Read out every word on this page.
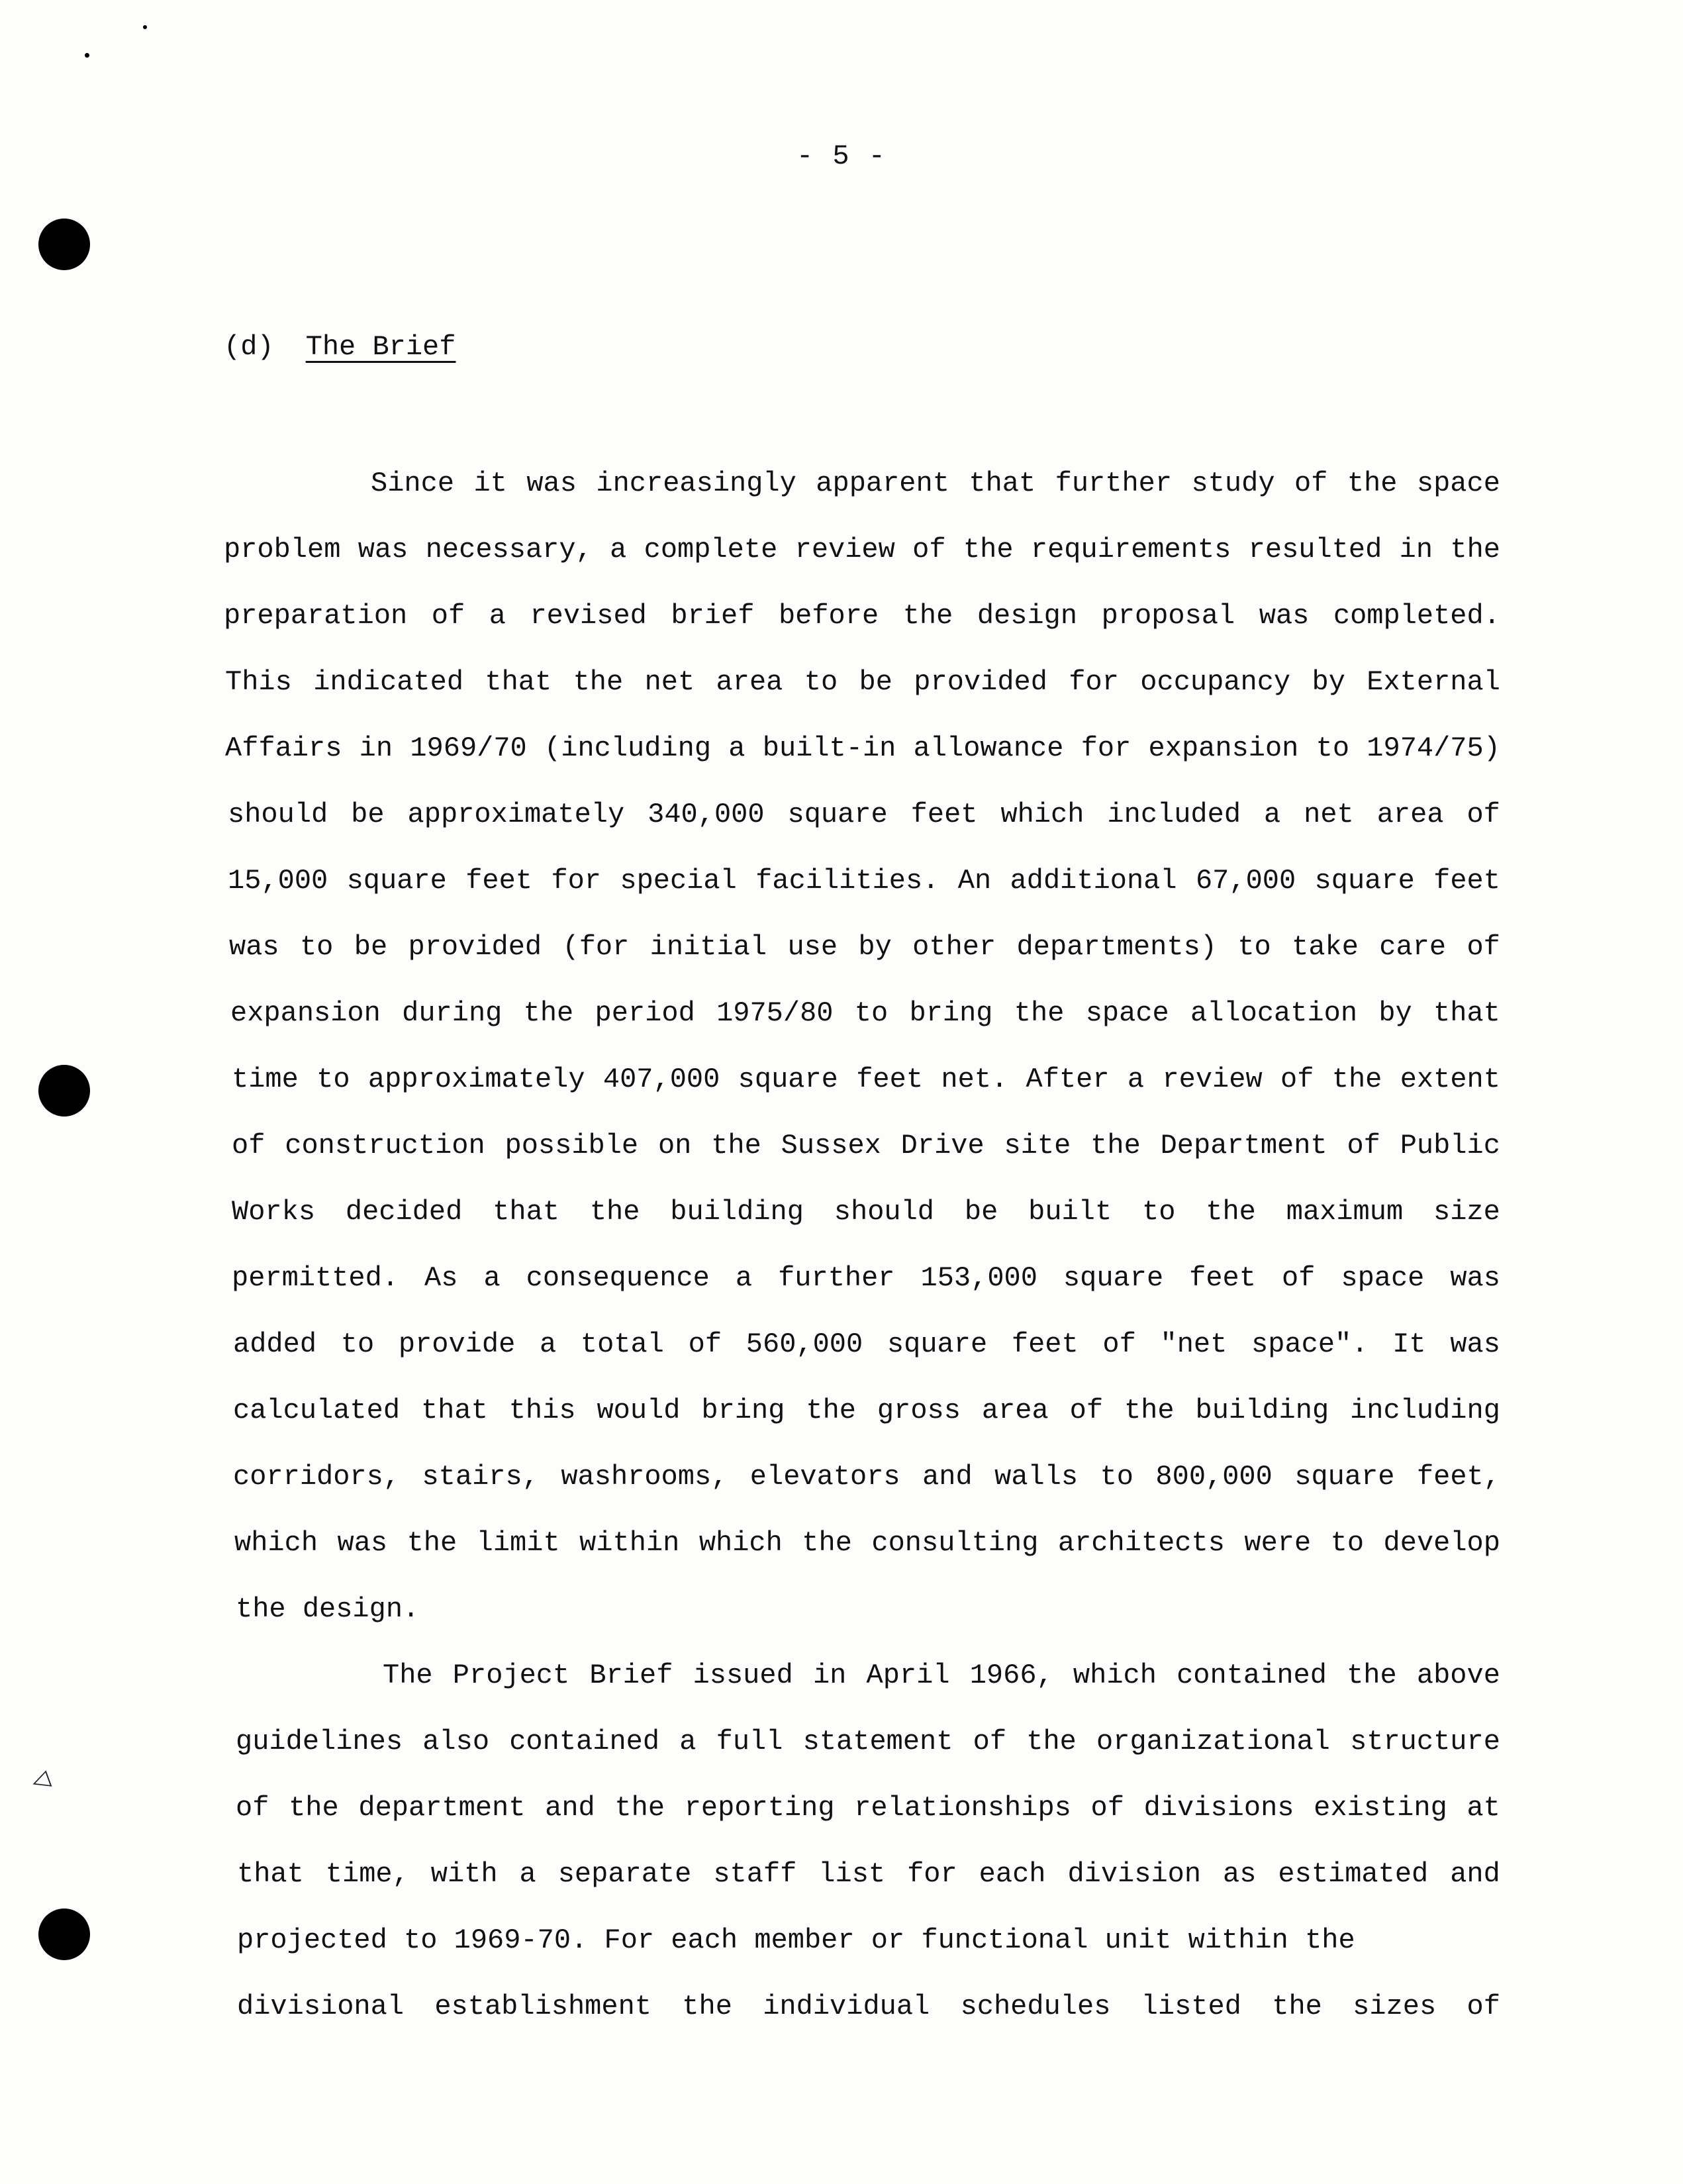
◁
- 5 -
(d) The Brief
Since it was increasingly apparent that further study of the space
problem was necessary, a complete review of the requirements resulted in the
preparation of a revised brief before the design proposal was completed.
This indicated that the net area to be provided for occupancy by External
Affairs in 1969/70 (including a built-in allowance for expansion to 1974/75)
should be approximately 340,000 square feet which included a net area of
15,000 square feet for special facilities. An additional 67,000 square feet
was to be provided (for initial use by other departments) to take care of
expansion during the period 1975/80 to bring the space allocation by that
time to approximately 407,000 square feet net. After a review of the extent
of construction possible on the Sussex Drive site the Department of Public
Works decided that the building should be built to the maximum size
permitted. As a consequence a further 153,000 square feet of space was
added to provide a total of 560,000 square feet of "net space". It was
calculated that this would bring the gross area of the building including
corridors, stairs, washrooms, elevators and walls to 800,000 square feet,
which was the limit within which the consulting architects were to develop
the design.
The Project Brief issued in April 1966, which contained the above
guidelines also contained a full statement of the organizational structure
of the department and the reporting relationships of divisions existing at
that time, with a separate staff list for each division as estimated and
projected to 1969-70. For each member or functional unit within the
divisional establishment the individual schedules listed the sizes of
